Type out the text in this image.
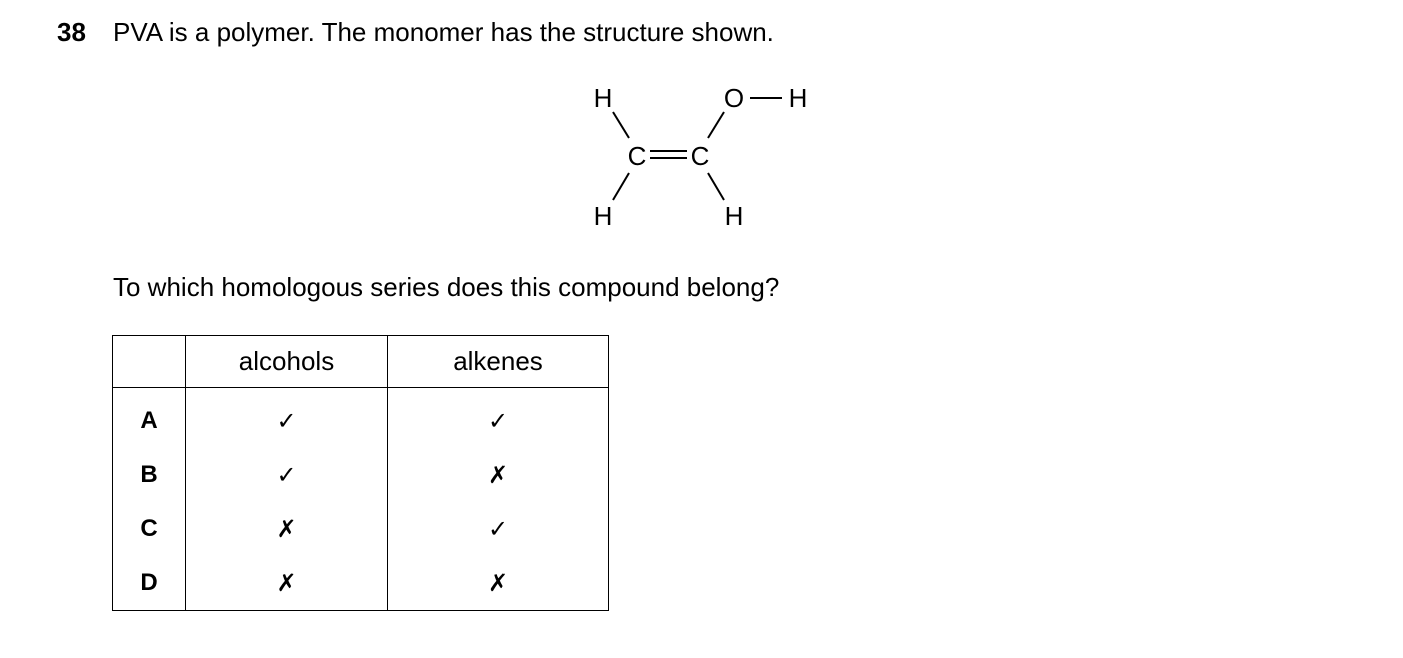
38 PVA is a polymer. The monomer has the structure shown.
H	O H
C C
H	H
To which homologous series does this compound belong?
	alcohols	alkenes
A	✓	✓
B	✓	✗
C	✗	✓
D	✗	✗
